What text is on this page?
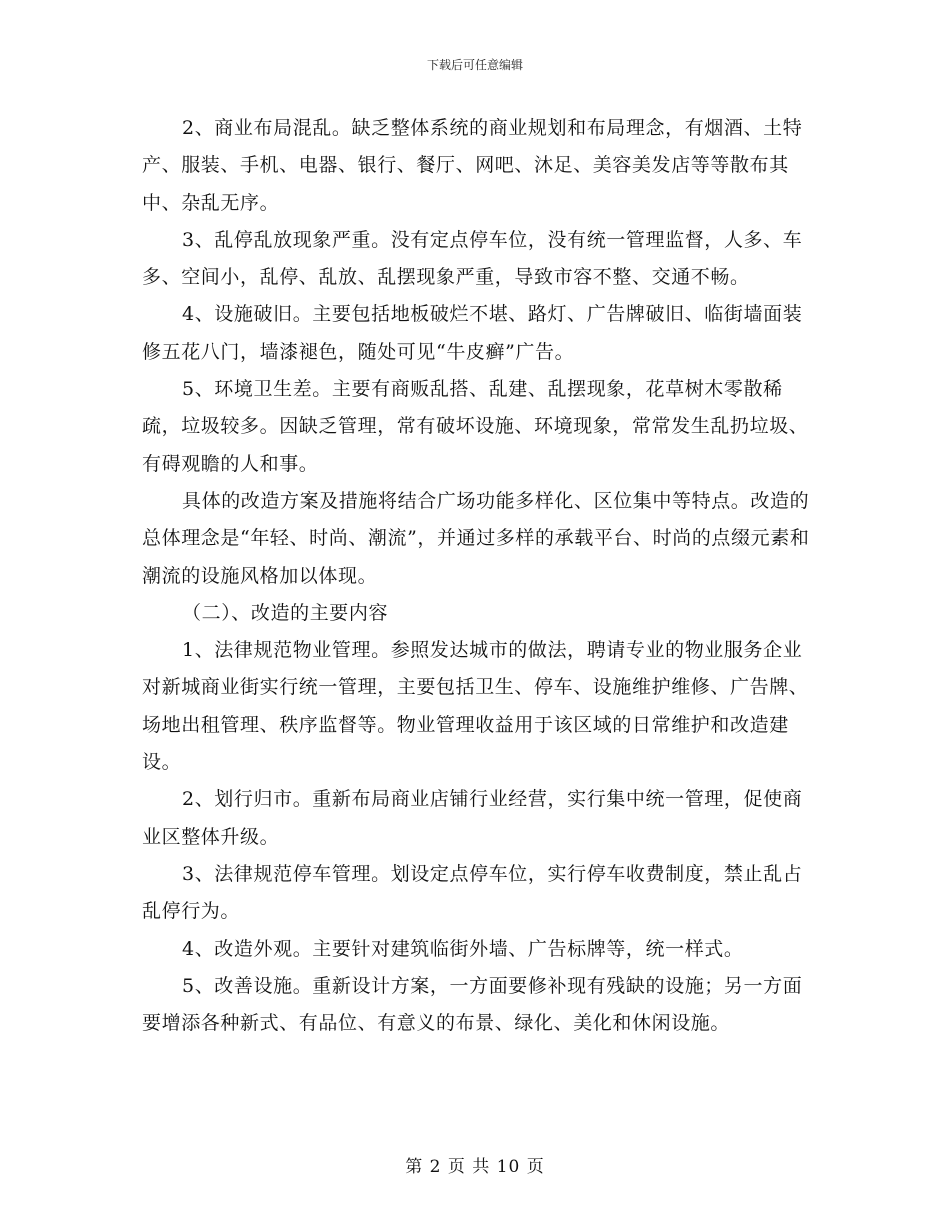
下载后可任意编辑

2、商业布局混乱。缺乏整体系统的商业规划和布局理念，有烟酒、土特产、服装、手机、电器、银行、餐厅、网吧、沐足、美容美发店等等散布其中、杂乱无序。

3、乱停乱放现象严重。没有定点停车位，没有统一管理监督，人多、车多、空间小，乱停、乱放、乱摆现象严重，导致市容不整、交通不畅。

4、设施破旧。主要包括地板破烂不堪、路灯、广告牌破旧、临街墙面装修五花八门，墙漆褪色，随处可见“牛皮癣”广告。

5、环境卫生差。主要有商贩乱搭、乱建、乱摆现象，花草树木零散稀疏，垃圾较多。因缺乏管理，常有破坏设施、环境现象，常常发生乱扔垃圾、有碍观瞻的人和事。

具体的改造方案及措施将结合广场功能多样化、区位集中等特点。改造的总体理念是“年轻、时尚、潮流”，并通过多样的承载平台、时尚的点缀元素和潮流的设施风格加以体现。

（二）、改造的主要内容

1、法律规范物业管理。参照发达城市的做法，聘请专业的物业服务企业对新城商业街实行统一管理，主要包括卫生、停车、设施维护维修、广告牌、场地出租管理、秩序监督等。物业管理收益用于该区域的日常维护和改造建设。

2、划行归市。重新布局商业店铺行业经营，实行集中统一管理，促使商业区整体升级。

3、法律规范停车管理。划设定点停车位，实行停车收费制度，禁止乱占乱停行为。

4、改造外观。主要针对建筑临街外墙、广告标牌等，统一样式。

5、改善设施。重新设计方案，一方面要修补现有残缺的设施；另一方面要增添各种新式、有品位、有意义的布景、绿化、美化和休闲设施。

第 2 页 共 10 页
